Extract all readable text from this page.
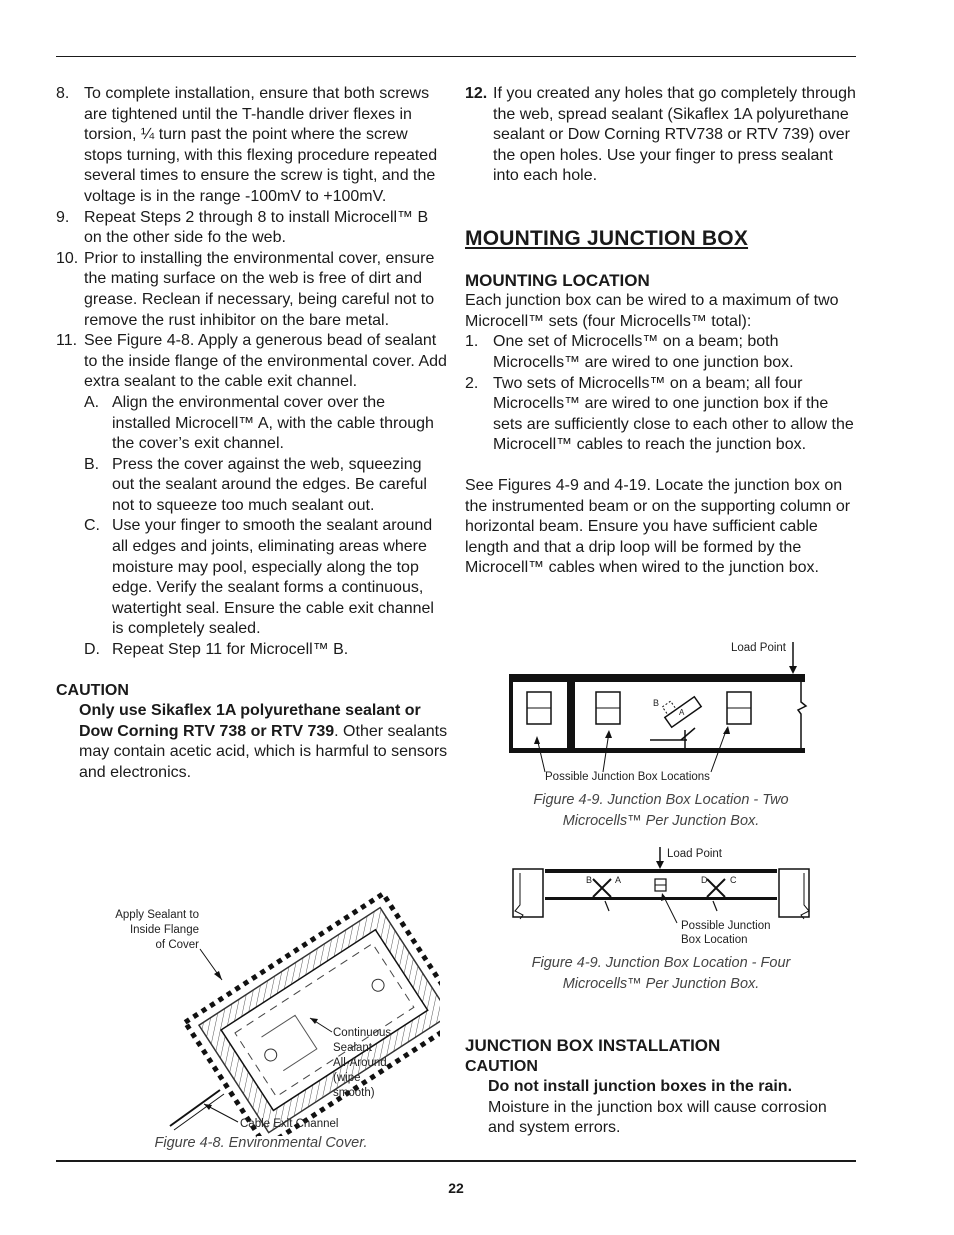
8. To complete installation, ensure that both screws are tightened until the T-handle driver flexes in torsion, ¼ turn past the point where the screw stops turning, with this flexing procedure repeated several times to ensure the screw is tight, and the voltage is in the range -100mV to +100mV.
9. Repeat Steps 2 through 8 to install Microcell™ B on the other side fo the web.
10. Prior to installing the environmental cover, ensure the mating surface on the web is free of dirt and grease. Reclean if necessary, being careful not to remove the rust inhibitor on the bare metal.
11. See Figure 4-8. Apply a generous bead of sealant to the inside flange of the environmental cover. Add extra sealant to the cable exit channel.
A. Align the environmental cover over the installed Microcell™ A, with the cable through the cover’s exit channel.
B. Press the cover against the web, squeezing out the sealant around the edges. Be careful not to squeeze too much sealant out.
C. Use your finger to smooth the sealant around all edges and joints, eliminating areas where moisture may pool, especially along the top edge. Verify the sealant forms a continuous, watertight seal. Ensure the cable exit channel is completely sealed.
D. Repeat Step 11 for Microcell™ B.
CAUTION
Only use Sikaflex 1A polyurethane sealant or Dow Corning RTV 738 or RTV 739. Other sealants may contain acetic acid, which is harmful to sensors and electronics.
Apply Sealant to
Inside Flange
of Cover
Continuous
Sealant
All-Around
(wipe
smooth)
Cable Exit Channel
Figure 4-8. Environmental Cover.
12. If you created any holes that go completely through the web, spread sealant (Sikaflex 1A polyurethane sealant or Dow Corning RTV738 or RTV 739) over the open holes. Use your finger to press sealant into each hole.
MOUNTING JUNCTION BOX
MOUNTING LOCATION
Each junction box can be wired to a maximum of two Microcell™ sets (four Microcells™ total):
1. One set of Microcells™ on a beam; both Microcells™ are wired to one junction box.
2. Two sets of Microcells™ on a beam; all four Microcells™ are wired to one junction box if the sets are sufficiently close to each other to allow the Microcell™ cables to reach the junction box.
See Figures 4-9 and 4-19. Locate the junction box on the instrumented beam or on the supporting column or horizontal beam. Ensure you have sufficient cable length and that a drip loop will be formed by the Microcell™ cables when wired to the junction box.
Load Point
B
A
Possible Junction Box Locations
Figure 4-9. Junction Box Location - Two
Microcells™ Per Junction Box.
Load Point
B	A	D	C
Possible Junction
Box Location
Figure 4-9. Junction Box Location - Four
Microcells™ Per Junction Box.
JUNCTION BOX INSTALLATION
CAUTION
Do not install junction boxes in the rain.
Moisture in the junction box will cause corrosion and system errors.
22
